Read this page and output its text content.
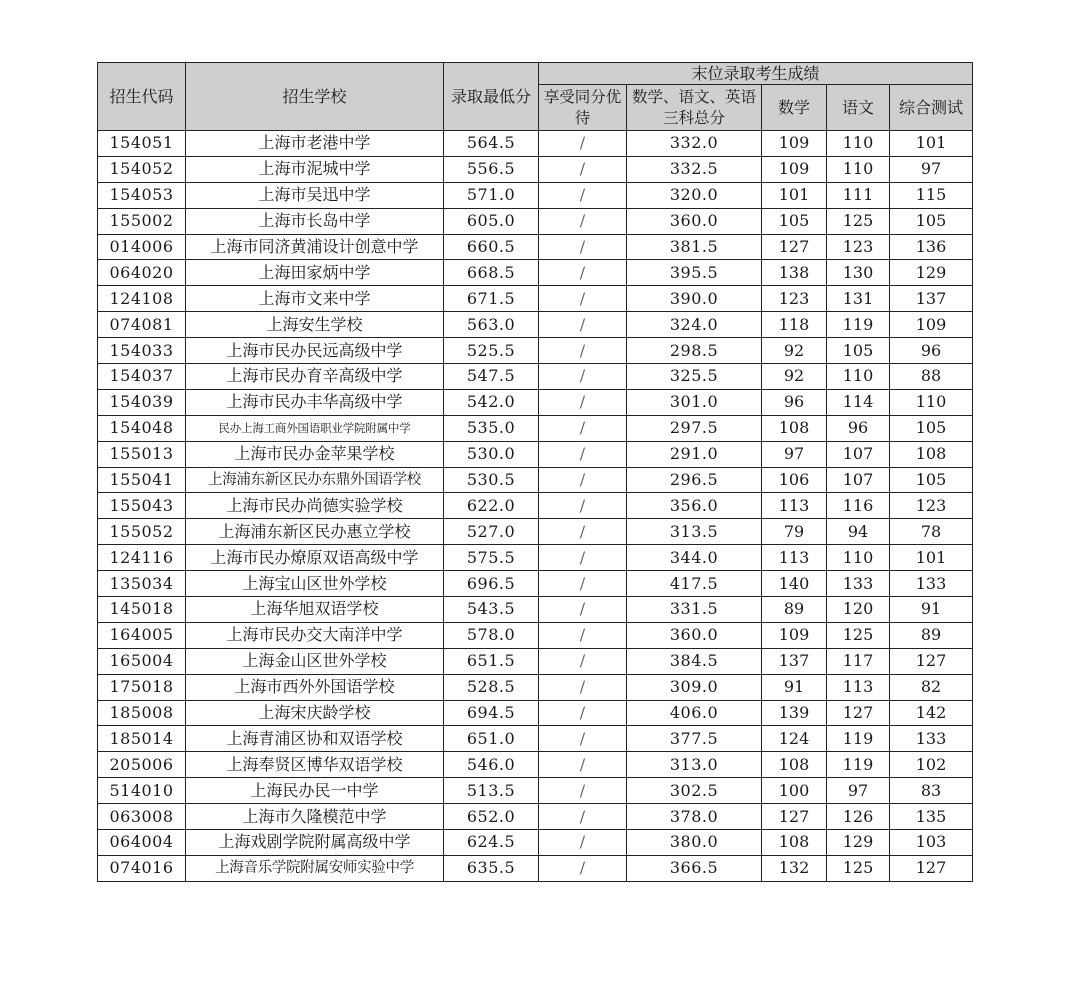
招生代码	招生学校	录取最低分	末位录取考生成绩				
			享受同分优待	数学、语文、英语三科总分	数学	语文	综合测试
154051	上海市老港中学	564.5	/	332.0	109	110	101
154052	上海市泥城中学	556.5	/	332.5	109	110	97
154053	上海市吴迅中学	571.0	/	320.0	101	111	115
155002	上海市长岛中学	605.0	/	360.0	105	125	105
014006	上海市同济黄浦设计创意中学	660.5	/	381.5	127	123	136
064020	上海田家炳中学	668.5	/	395.5	138	130	129
124108	上海市文来中学	671.5	/	390.0	123	131	137
074081	上海安生学校	563.0	/	324.0	118	119	109
154033	上海市民办民远高级中学	525.5	/	298.5	92	105	96
154037	上海市民办育辛高级中学	547.5	/	325.5	92	110	88
154039	上海市民办丰华高级中学	542.0	/	301.0	96	114	110
154048	民办上海工商外国语职业学院附属中学	535.0	/	297.5	108	96	105
155013	上海市民办金苹果学校	530.0	/	291.0	97	107	108
155041	上海浦东新区民办东鼎外国语学校	530.5	/	296.5	106	107	105
155043	上海市民办尚德实验学校	622.0	/	356.0	113	116	123
155052	上海浦东新区民办惠立学校	527.0	/	313.5	79	94	78
124116	上海市民办燎原双语高级中学	575.5	/	344.0	113	110	101
135034	上海宝山区世外学校	696.5	/	417.5	140	133	133
145018	上海华旭双语学校	543.5	/	331.5	89	120	91
164005	上海市民办交大南洋中学	578.0	/	360.0	109	125	89
165004	上海金山区世外学校	651.5	/	384.5	137	117	127
175018	上海市西外外国语学校	528.5	/	309.0	91	113	82
185008	上海宋庆龄学校	694.5	/	406.0	139	127	142
185014	上海青浦区协和双语学校	651.0	/	377.5	124	119	133
205006	上海奉贤区博华双语学校	546.0	/	313.0	108	119	102
514010	上海民办民一中学	513.5	/	302.5	100	97	83
063008	上海市久隆模范中学	652.0	/	378.0	127	126	135
064004	上海戏剧学院附属高级中学	624.5	/	380.0	108	129	103
074016	上海音乐学院附属安师实验中学	635.5	/	366.5	132	125	127
